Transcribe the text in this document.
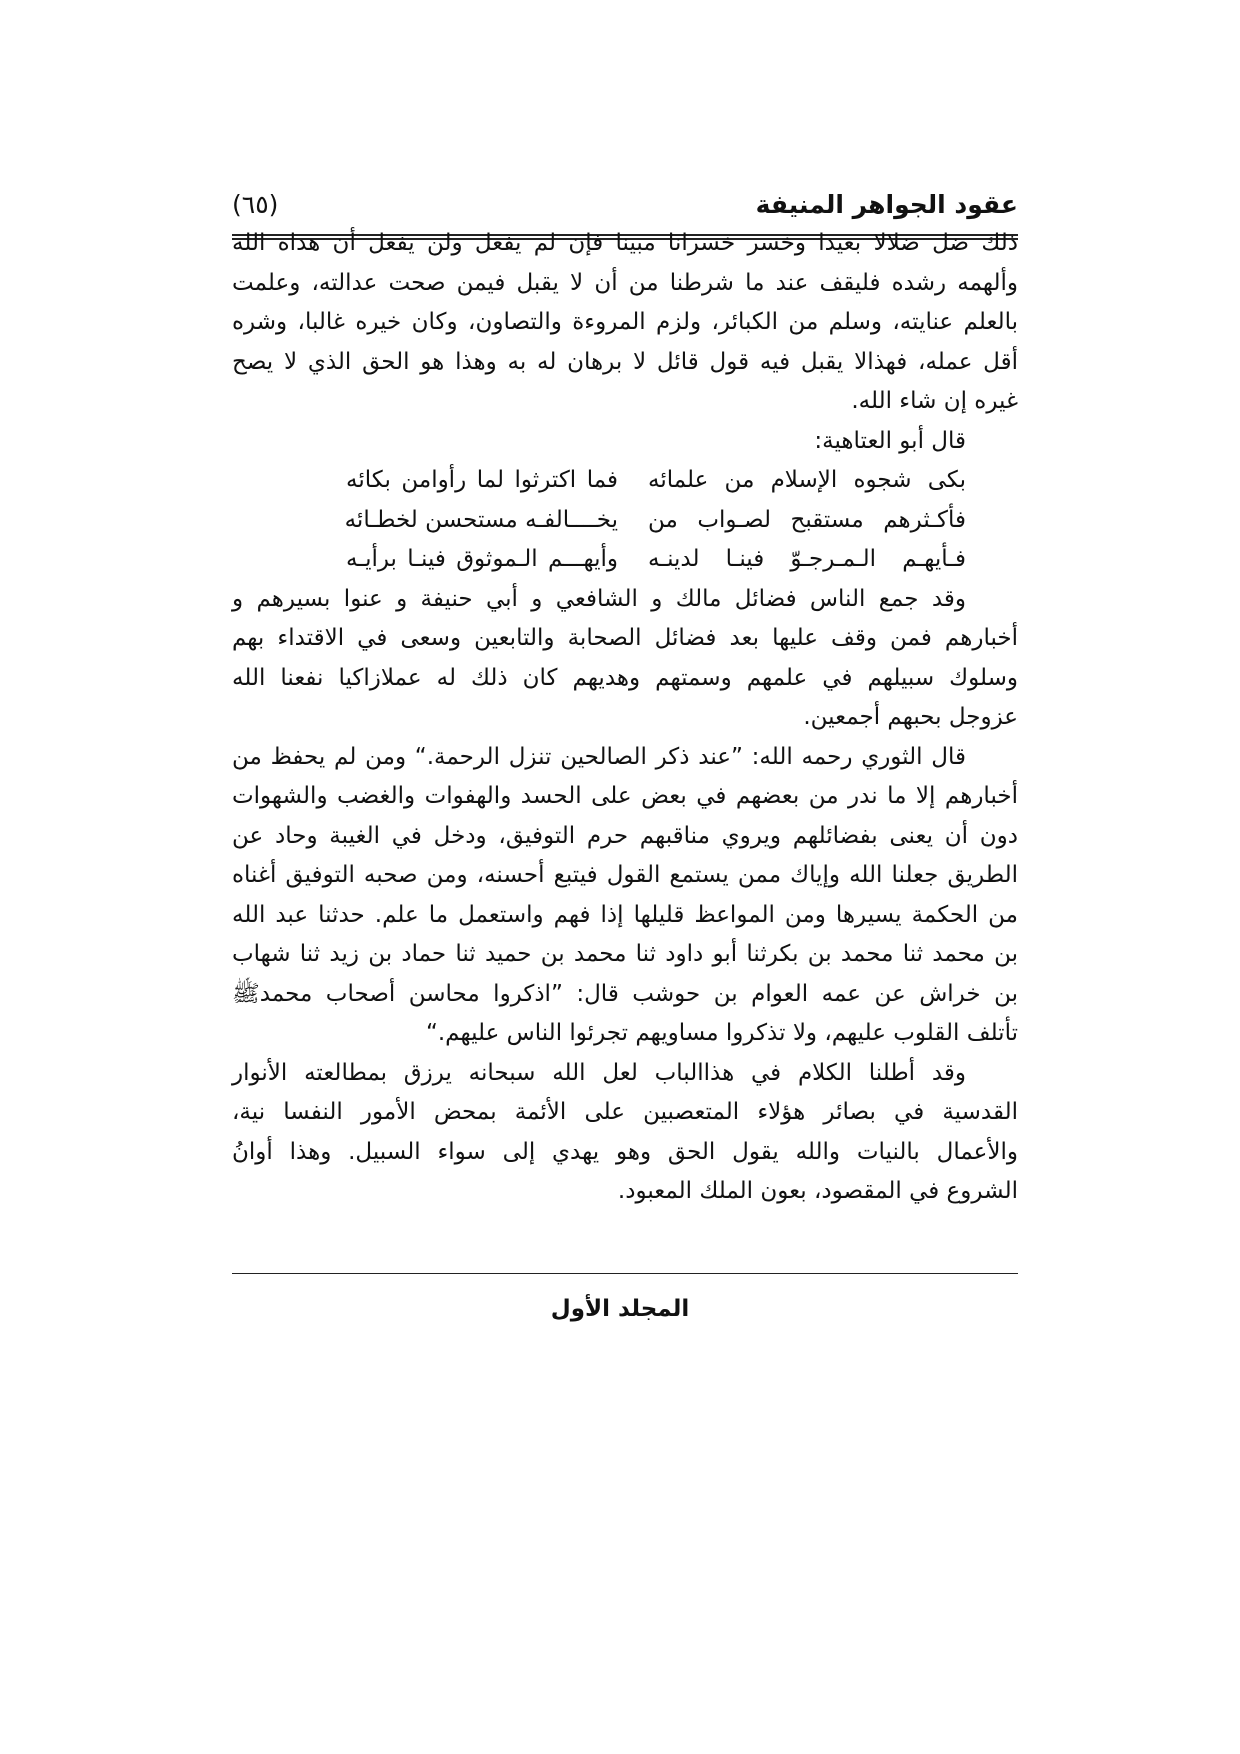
عقود الجواهر المنيفة
(٦٥)
ذلك ضل ضلالا بعيدا وخسر خسرانا مبينا فإن لم يفعل ولن يفعل أن هداه الله
وألهمه رشده فليقف عند ما شرطنا من أن لا يقبل فيمن صحت عدالته، وعلمت
بالعلم عنايته، وسلم من الكبائر، ولزم المروءة والتصاون، وكان خيره غالبا، وشره
أقل عمله، فهذالا يقبل فيه قول قائل لا برهان له به وهذا هو الحق الذي لا يصح
غيره إن شاء الله.
قال أبو العتاهية:
بكى شجوه الإسلام من علمائه
فما اكترثوا لما رأوامن بكائه
فأكـثرهم مستقبح لصـواب من
يخــــالفـه مستحسن لخطـائه
فـأيهـم الـمـرجـوّ فينـا لدينـه
وأيهـــم الـموثوق فينـا برأيـه
وقد جمع الناس فضائل مالك و الشافعي و أبي حنيفة و عنوا بسيرهم و
أخبارهم فمن وقف عليها بعد فضائل الصحابة والتابعين وسعى في الاقتداء بهم
وسلوك سبيلهم في علمهم وسمتهم وهديهم كان ذلك له عملازاكيا نفعنا الله
عزوجل بحبهم أجمعين.
قال الثوري رحمه الله: ”عند ذكر الصالحين تنزل الرحمة.“ ومن لم يحفظ من
أخبارهم إلا ما ندر من بعضهم في بعض على الحسد والهفوات والغضب والشهوات
دون أن يعنى بفضائلهم ويروي مناقبهم حرم التوفيق، ودخل في الغيبة وحاد عن
الطريق جعلنا الله وإياك ممن يستمع القول فيتبع أحسنه، ومن صحبه التوفيق أغناه
من الحكمة يسيرها ومن المواعظ قليلها إذا فهم واستعمل ما علم. حدثنا عبد الله
بن محمد ثنا محمد بن بكرثنا أبو داود ثنا محمد بن حميد ثنا حماد بن زيد ثنا شهاب
بن خراش عن عمه العوام بن حوشب قال: ”اذكروا محاسن أصحاب محمدﷺ
تأتلف القلوب عليهم، ولا تذكروا مساويهم تجرئوا الناس عليهم.“
وقد أطلنا الكلام في هذاالباب لعل الله سبحانه يرزق بمطالعته الأنوار
القدسية في بصائر هؤلاء المتعصبين على الأئمة بمحض الأمور النفسا نية،
والأعمال بالنيات والله يقول الحق وهو يهدي إلى سواء السبيل. وهذا أوانُ
الشروع في المقصود، بعون الملك المعبود.
المجلد الأول
